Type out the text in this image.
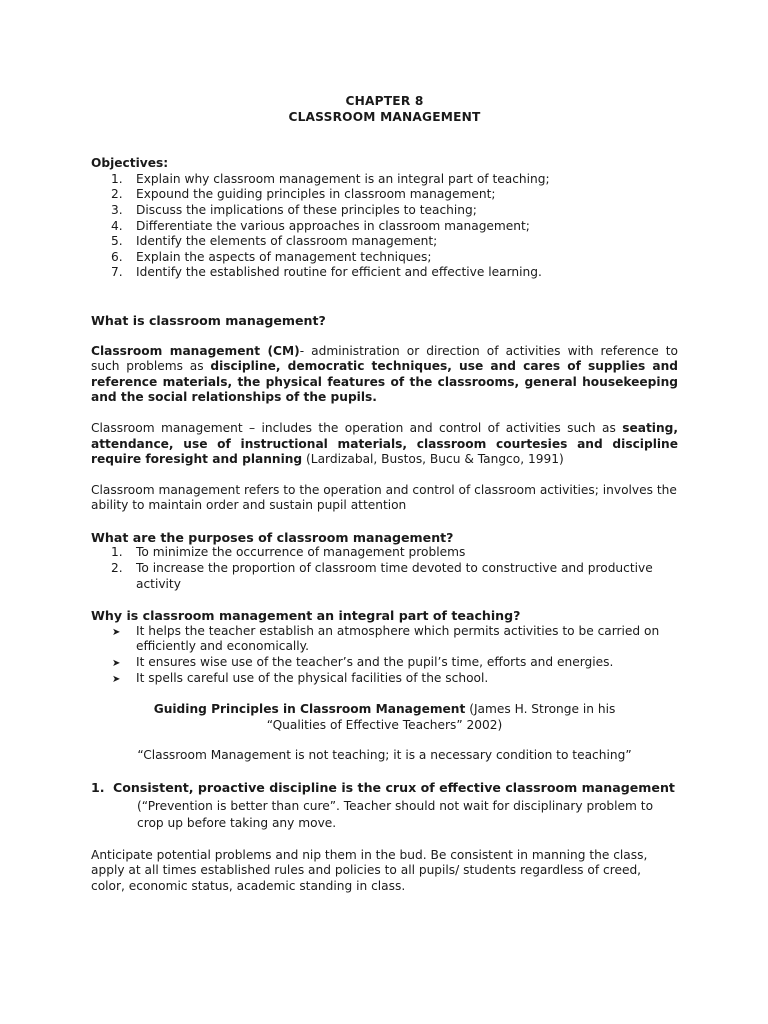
CHAPTER 8

CLASSROOM MANAGEMENT

Objectives:

1. Explain why classroom management is an integral part of teaching;
2. Expound the guiding principles in classroom management;
3. Discuss the implications of these principles to teaching;
4. Differentiate the various approaches in classroom management;
5. Identify the elements of classroom management;
6. Explain the aspects of management techniques;
7. Identify the established routine for efficient and effective learning.

What is classroom management?

Classroom management (CM)- administration or direction of activities with reference to such problems as discipline, democratic techniques, use and cares of supplies and reference materials, the physical features of the classrooms, general housekeeping and the social relationships of the pupils.

Classroom management – includes the operation and control of activities such as seating, attendance, use of instructional materials, classroom courtesies and discipline require foresight and planning (Lardizabal, Bustos, Bucu & Tangco, 1991)

Classroom management refers to the operation and control of classroom activities; involves the ability to maintain order and sustain pupil attention

What are the purposes of classroom management?

1. To minimize the occurrence of management problems
2. To increase the proportion of classroom time devoted to constructive and productive activity

Why is classroom management an integral part of teaching?

➤ It helps the teacher establish an atmosphere which permits activities to be carried on efficiently and economically.
➤ It ensures wise use of the teacher’s and the pupil’s time, efforts and energies.
➤ It spells careful use of the physical facilities of the school.

Guiding Principles in Classroom Management (James H. Stronge in his

“Qualities of Effective Teachers” 2002)

“Classroom Management is not teaching; it is a necessary condition to teaching”

1. Consistent, proactive discipline is the crux of effective classroom management

(“Prevention is better than cure”. Teacher should not wait for disciplinary problem to crop up before taking any move.

Anticipate potential problems and nip them in the bud. Be consistent in manning the class, apply at all times established rules and policies to all pupils/ students regardless of creed, color, economic status, academic standing in class.
